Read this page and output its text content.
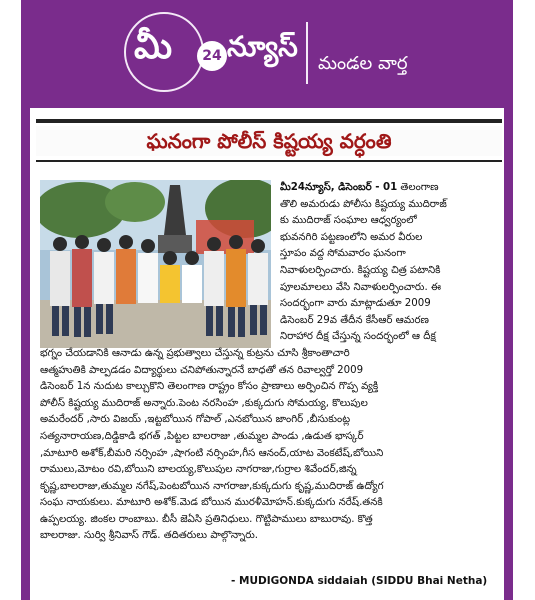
మీ	24 న్యూస్
మండల వార్త
ఘనంగా పోలీస్ కిష్టయ్య వర్ధంతి
మీ24న్యూస్, డిసెంబర్ - 01 తెలంగాణ
తొలి అమరుడు పోలీసు కిష్టయ్య ముదిరాజ్
కు ముదిరాజ్ సంఘాల ఆధ్వర్యంలో
భువనగిరి పట్టణంలోని అమర వీరుల
స్తూపం వద్ద సోమవారం ఘనంగా
నివాళులర్పించారు. కిష్టయ్య చిత్ర పటానికి
పూలమాలలు వేసి నివాళులర్పించారు. ఈ
సందర్భంగా వారు మాట్లాడుతూ 2009
డిసెంబర్ 29వ తేదీన కేసీఆర్ ఆమరణ
నిరాహార దీక్ష చేస్తున్న సందర్భంలో ఆ దీక్ష
భగ్నం చేయడానికి ఆనాడు ఉన్న ప్రభుత్వాలు చేస్తున్న కుట్రను చూసి శ్రీకాంతాచారి
ఆత్మహుతికి పాల్పడడం విద్యార్థులు చనిపోతున్నారనే బాధతో తన రివాల్వర్తో 2009
డిసెంబర్ 1న నుదుట కాల్చుకొని తెలంగాణ రాష్ట్రం కోసం ప్రాణాలు అర్పించిన గొప్ప వ్యక్తి
పోలీస్ కిష్టయ్య ముదిరాజ్ అన్నారు.పెంట నరసింహ ,కుక్కదుగు సోమయ్య, కొలుపుల
అమరేందర్ ,సారు విజయ్ ,ఇట్టబోయిన గోపాల్ ,ఎనబోయిన జాంగిర్ ,బీసుకుంట్ల
సత్యనారాయణ,దిడ్డికాడి భగత్ ,పిట్టల బాలరాజు ,తుమ్మల పాండు ,ఉడుత భాస్కర్
,మాటూరి అశోక్,బీమరి నర్సింహ ,షాగంటి నర్సింహ,గీస ఆనంద్,యాట వెంకటేష్,బోయిని
రాములు,మోటం రవి,బోయిని బాలయ్య,కొలుపుల నాగరాజు,గుర్రాల శివేందర్,జిన్న
కృష్ణ,బాలరాజు,తుమ్మల నగేష్,పెంటబోయిన నాగరాజు,కుక్కదుగు కృష్ణ,ముదిరాజ్ ఉద్యోగ
సంఘ నాయకులు. మాటూరి అశోక్.మెడ బోయిన మురళీమోహన్.కుక్కదుగు నరేష్.తనకి
ఉప్పలయ్య. జింకల రాంబాబు. బీసీ జెఏసి ప్రతినిధులు. గొట్టిపాములు బాబురావు. కొత్త
బాలరాజు. సుర్వి శ్రీనివాస్ గౌడ్. తదితరులు పాల్గొన్నారు.
- MUDIGONDA siddaiah (SIDDU Bhai Netha)
